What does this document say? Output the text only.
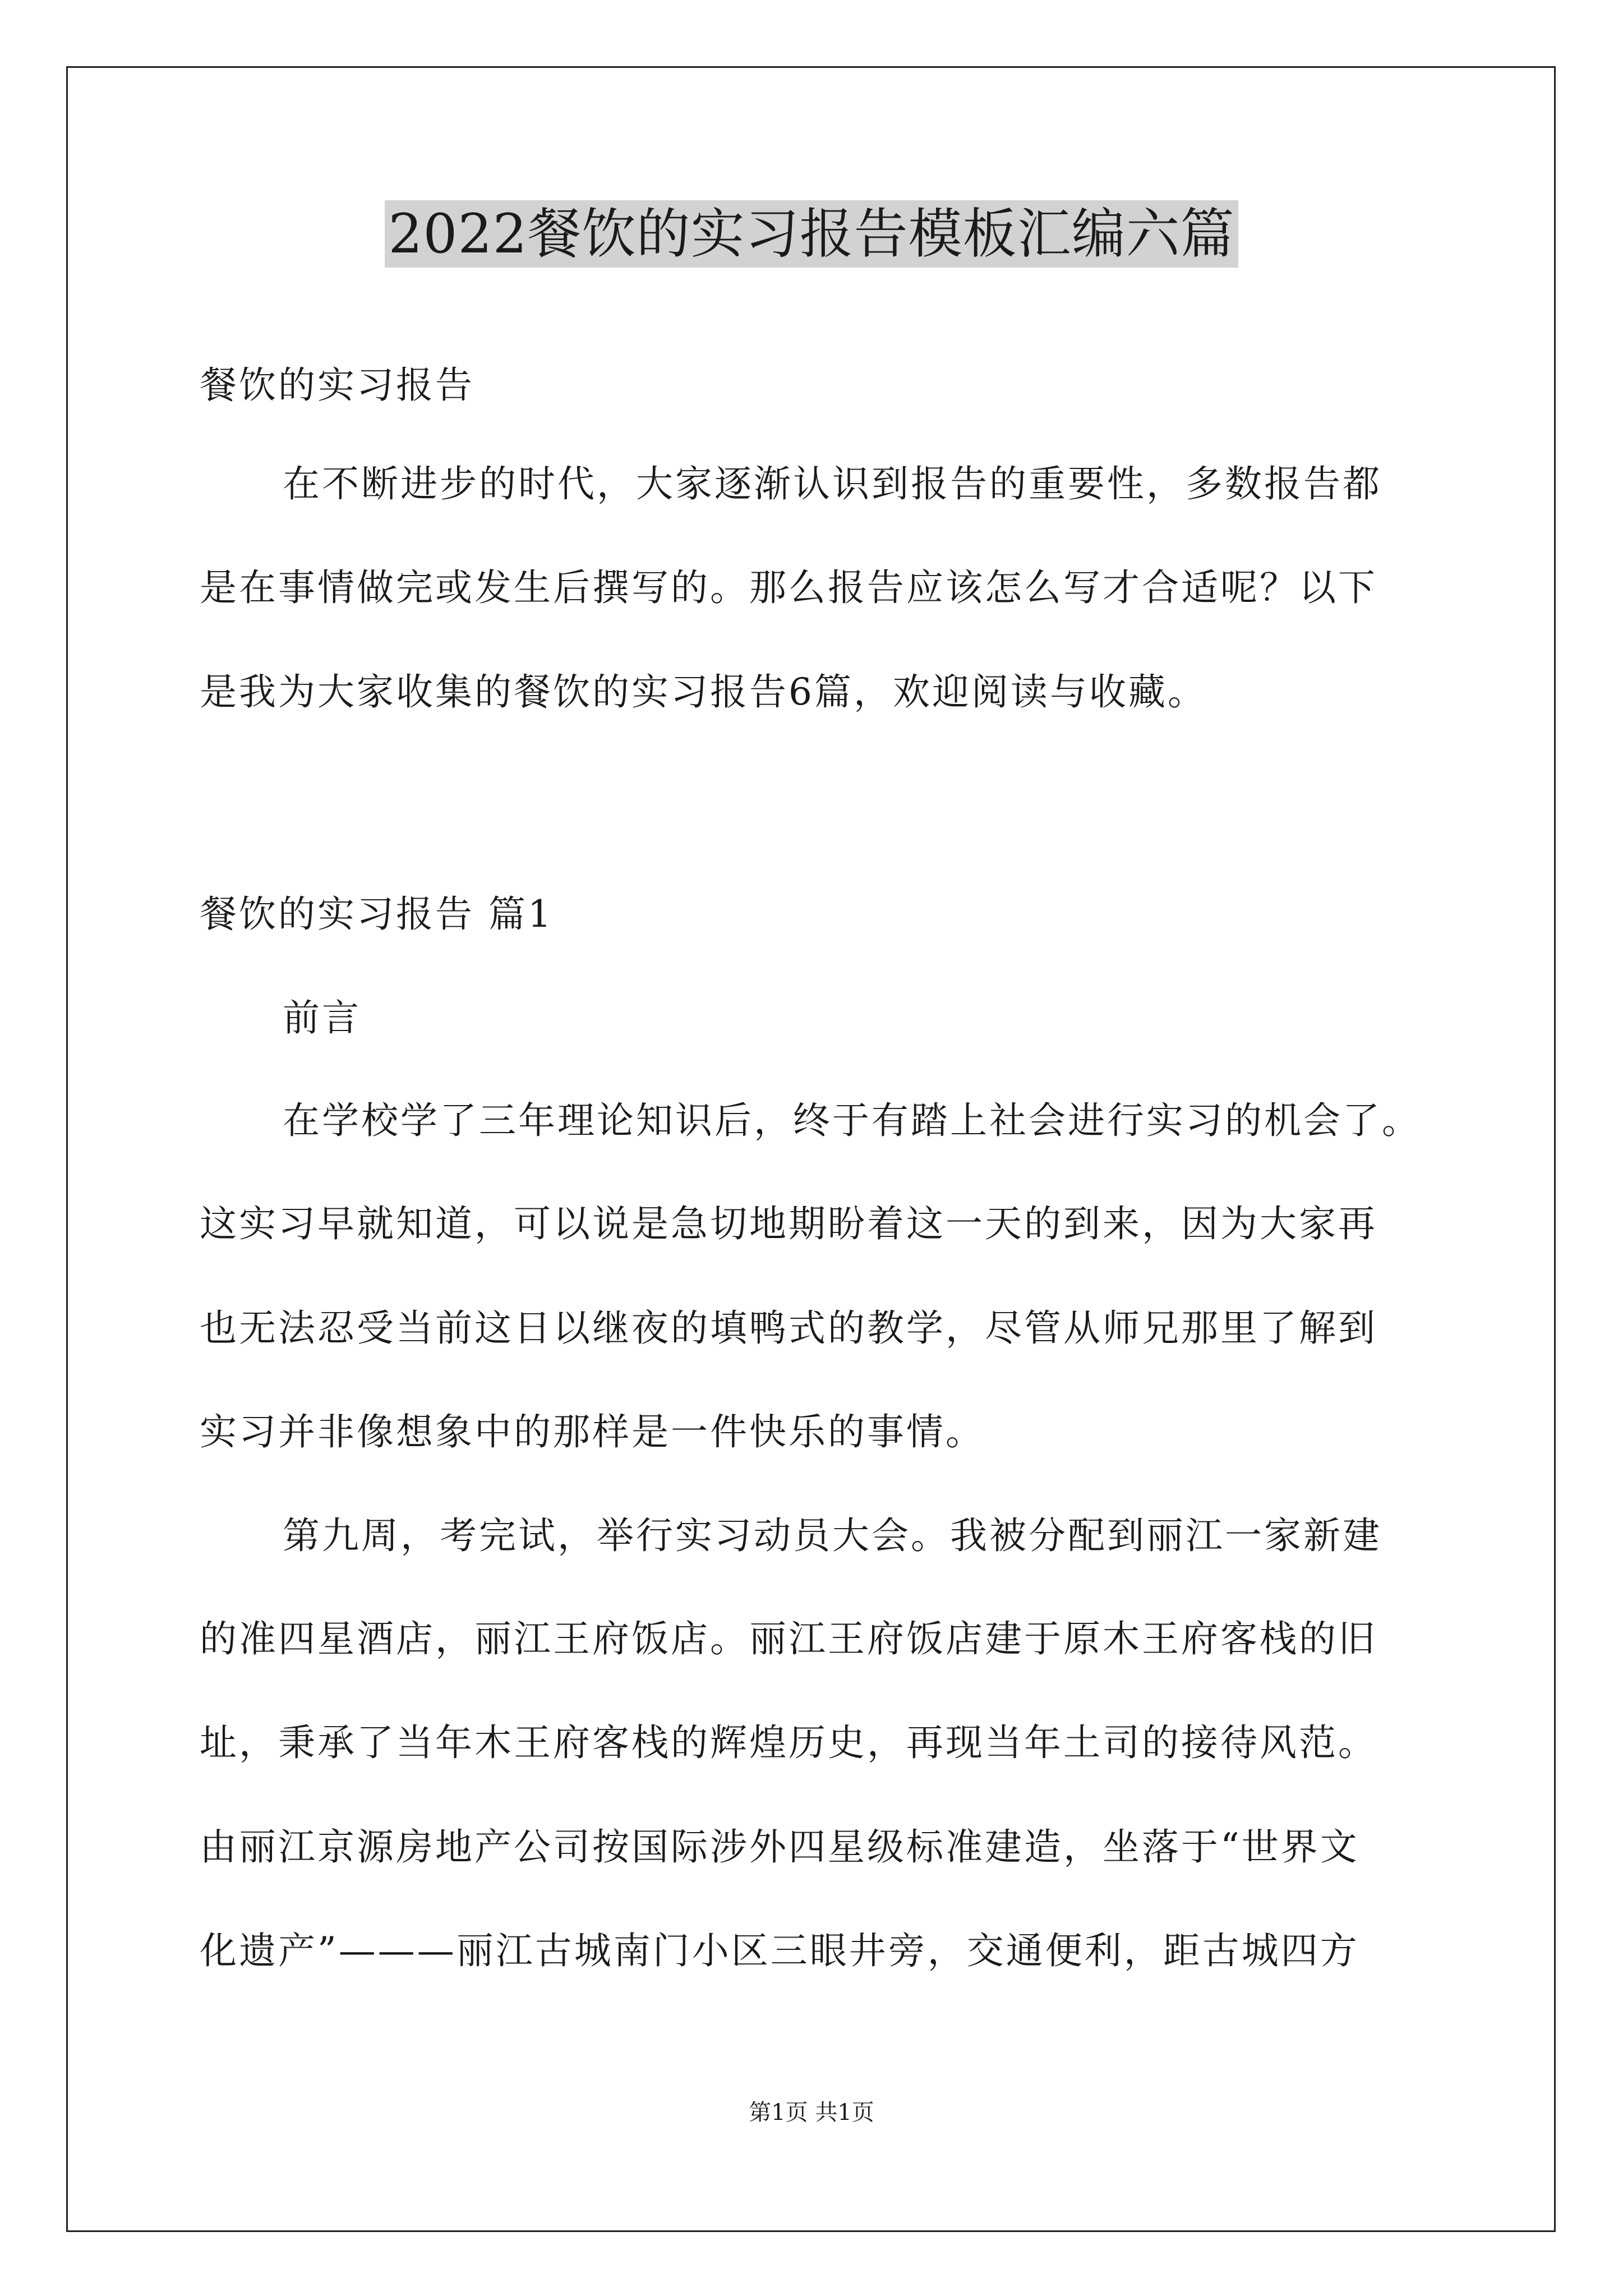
2022餐饮的实习报告模板汇编六篇
餐饮的实习报告
在不断进步的时代，大家逐渐认识到报告的重要性，多数报告都
是在事情做完或发生后撰写的。那么报告应该怎么写才合适呢？以下
是我为大家收集的餐饮的实习报告6篇，欢迎阅读与收藏。
餐饮的实习报告 篇1
前言
在学校学了三年理论知识后，终于有踏上社会进行实习的机会了。
这实习早就知道，可以说是急切地期盼着这一天的到来，因为大家再
也无法忍受当前这日以继夜的填鸭式的教学，尽管从师兄那里了解到
实习并非像想象中的那样是一件快乐的事情。
第九周，考完试，举行实习动员大会。我被分配到丽江一家新建
的准四星酒店，丽江王府饭店。丽江王府饭店建于原木王府客栈的旧
址，秉承了当年木王府客栈的辉煌历史，再现当年土司的接待风范。
由丽江京源房地产公司按国际涉外四星级标准建造，坐落于“世界文
化遗产”———丽江古城南门小区三眼井旁，交通便利，距古城四方
第1页 共1页
